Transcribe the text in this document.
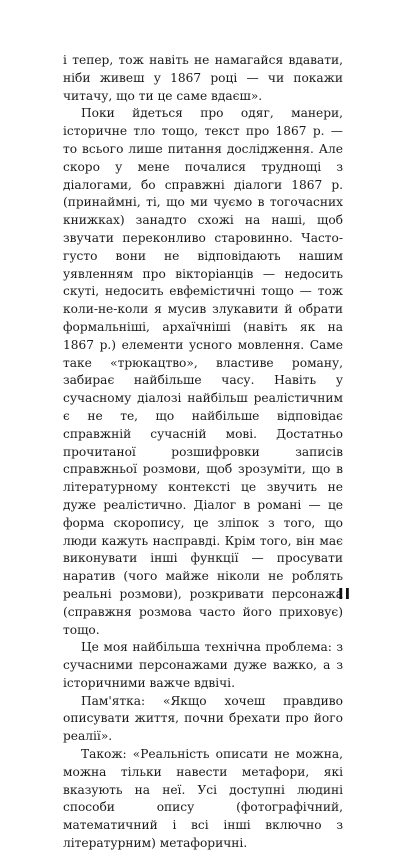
і тепер, тож навіть не намагайся вдавати, ніби живеш у 1867 році — чи покажи читачу, що ти це саме вдаєш».

Поки йдеться про одяг, манери, історичне тло тощо, текст про 1867 р. — то всього лише питання дослідження. Але скоро у мене почалися труднощі з діалогами, бо справжні діалоги 1867 р. (принаймні, ті, що ми чуємо в тогочасних книжках) занадто схожі на наші, щоб звучати переконливо старовинно. Часто-густо вони не відповідають нашим уявленням про вікторіанців — недосить скуті, недосить евфемістичні тощо — тож коли-не-коли я мусив злукавити й обрати формальніші, архаїчніші (навіть як на 1867 р.) елементи усного мовлення. Саме таке «трюкацтво», властиве роману, забирає найбільше часу. Навіть у сучасному діалозі найбільш реалістичним є не те, що найбільше відповідає справжній сучасній мові. Достатньо прочитаної розшифровки записів справжньої розмови, щоб зрозуміти, що в літературному контексті це звучить не дуже реалістично. Діалог в романі — це форма скоропису, це зліпок з того, що люди кажуть насправді. Крім того, він має виконувати інші функції — просувати наратив (чого майже ніколи не роблять реальні розмови), розкривати персонажа (справжня розмова часто його приховує) тощо.

Це моя найбільша технічна проблема: з сучасними персонажами дуже важко, а з історичними важче вдвічі.

Пам'ятка: «Якщо хочеш правдиво описувати життя, почни брехати про його реалії».

Також: «Реальність описати не можна, можна тільки навести метафори, які вказують на неї. Усі доступні людині способи опису (фотографічний, математичний і всі інші включно з літературним) метафоричні.

ІІ
